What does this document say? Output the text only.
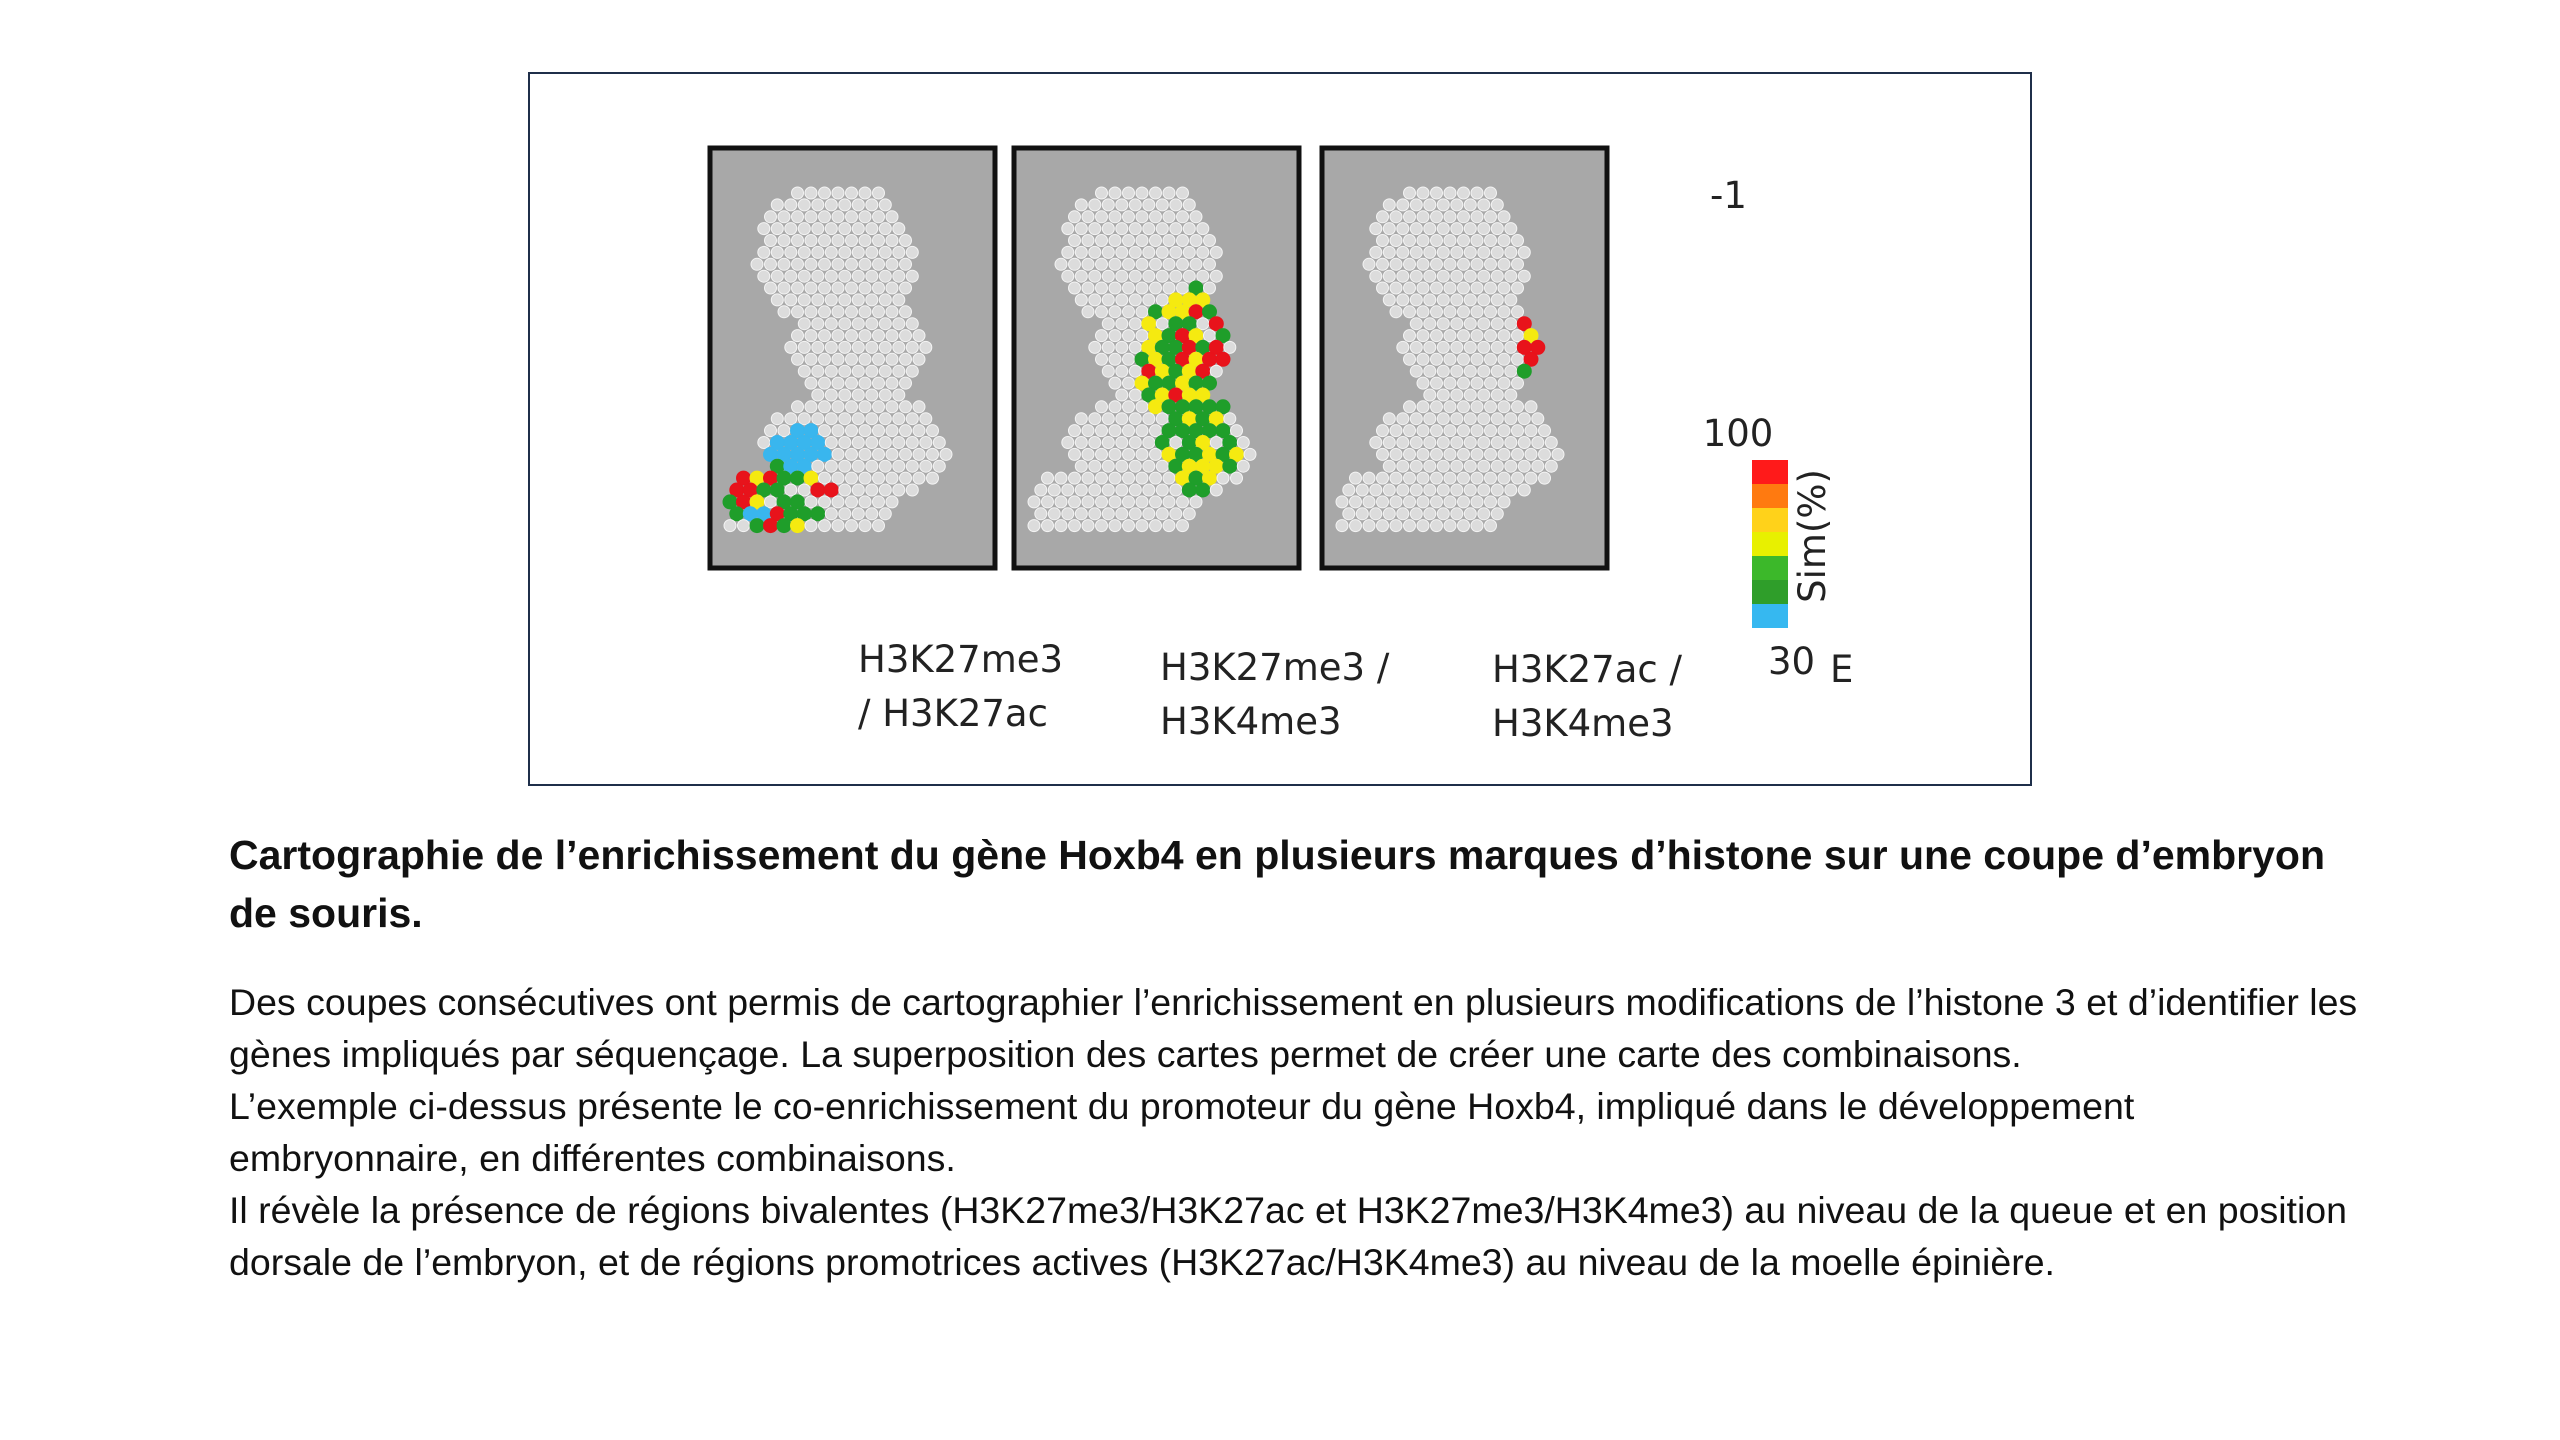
H3K27me3
/ H3K27ac
H3K27me3 /
H3K4me3
H3K27ac /
H3K4me3
-1
100
Sim(%)
30 E

Cartographie de l’enrichissement du gène Hoxb4 en plusieurs marques d’histone sur une coupe d’embryon de souris.

Des coupes consécutives ont permis de cartographier l’enrichissement en plusieurs modifications de l’histone 3 et d’identifier les gènes impliqués par séquençage. La superposition des cartes permet de créer une carte des combinaisons.

L’exemple ci-dessus présente le co-enrichissement du promoteur du gène Hoxb4, impliqué dans le développement embryonnaire, en différentes combinaisons.

Il révèle la présence de régions bivalentes (H3K27me3/H3K27ac et H3K27me3/H3K4me3) au niveau de la queue et en position dorsale de l’embryon, et de régions promotrices actives (H3K27ac/H3K4me3) au niveau de la moelle épinière.
